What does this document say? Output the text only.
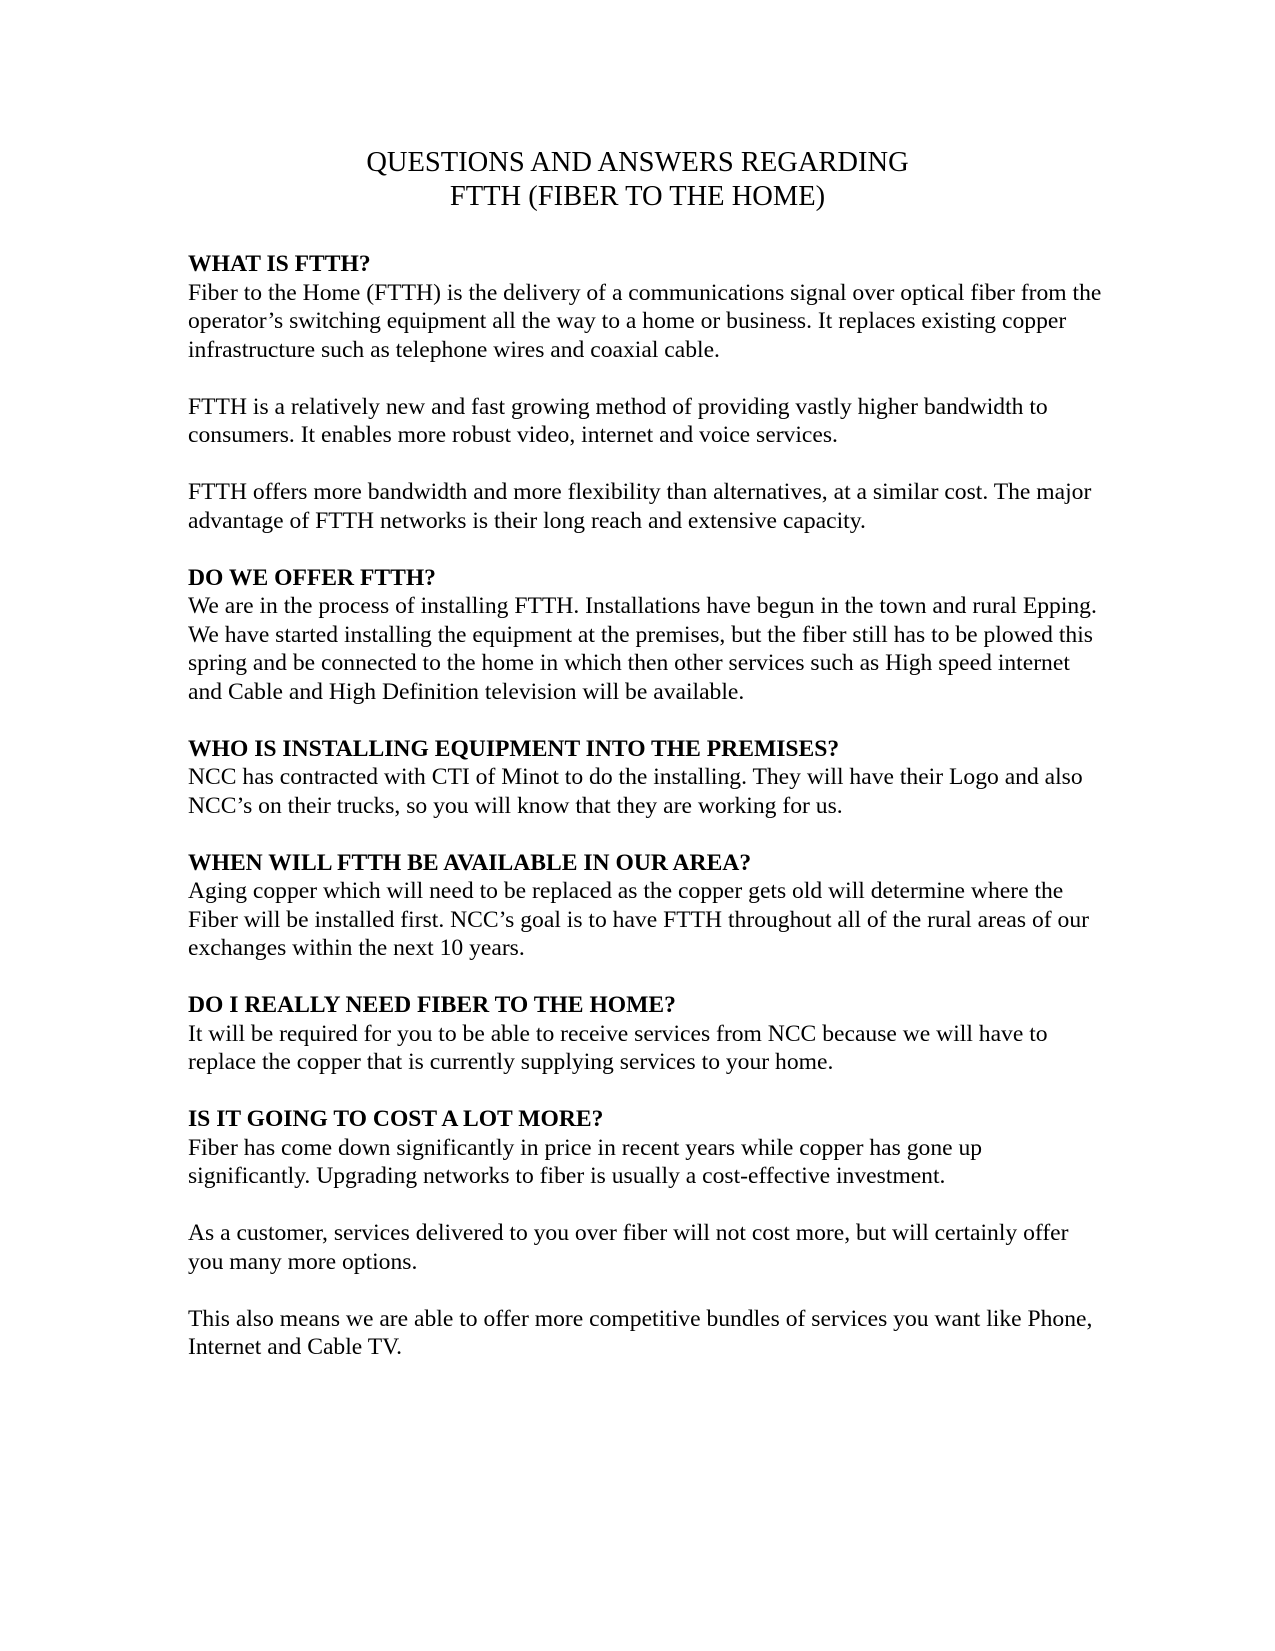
QUESTIONS AND ANSWERS REGARDING
FTTH (FIBER TO THE HOME)
WHAT IS FTTH?
Fiber to the Home (FTTH) is the delivery of a communications signal over optical fiber from the operator’s switching equipment all the way to a home or business. It replaces existing copper infrastructure such as telephone wires and coaxial cable.
FTTH is a relatively new and fast growing method of providing vastly higher bandwidth to consumers. It enables more robust video, internet and voice services.
FTTH offers more bandwidth and more flexibility than alternatives, at a similar cost. The major advantage of FTTH networks is their long reach and extensive capacity.
DO WE OFFER FTTH?
We are in the process of installing FTTH. Installations have begun in the town and rural Epping. We have started installing the equipment at the premises, but the fiber still has to be plowed this spring and be connected to the home in which then other services such as High speed internet and Cable and High Definition television will be available.
WHO IS INSTALLING EQUIPMENT INTO THE PREMISES?
NCC has contracted with CTI of Minot to do the installing. They will have their Logo and also NCC’s on their trucks, so you will know that they are working for us.
WHEN WILL FTTH BE AVAILABLE IN OUR AREA?
Aging copper which will need to be replaced as the copper gets old will determine where the Fiber will be installed first. NCC’s goal is to have FTTH throughout all of the rural areas of our exchanges within the next 10 years.
DO I REALLY NEED FIBER TO THE HOME?
It will be required for you to be able to receive services from NCC because we will have to replace the copper that is currently supplying services to your home.
IS IT GOING TO COST A LOT MORE?
Fiber has come down significantly in price in recent years while copper has gone up significantly. Upgrading networks to fiber is usually a cost-effective investment.
As a customer, services delivered to you over fiber will not cost more, but will certainly offer you many more options.
This also means we are able to offer more competitive bundles of services you want like Phone, Internet and Cable TV.
